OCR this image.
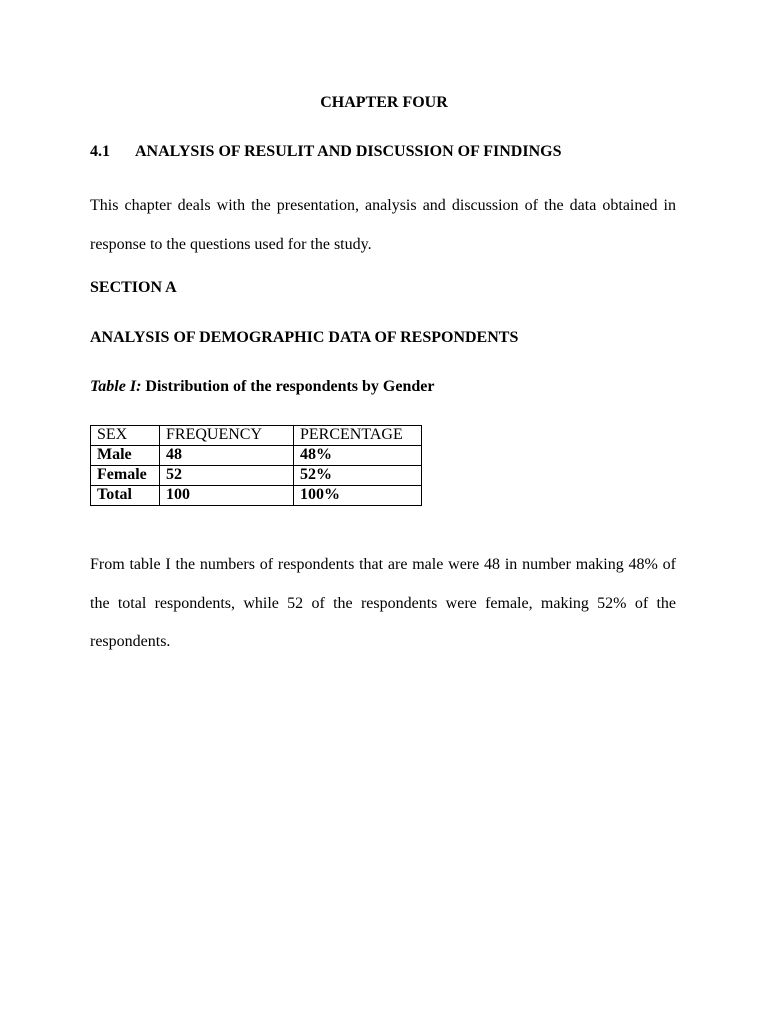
CHAPTER FOUR
4.1 ANALYSIS OF RESULIT AND DISCUSSION OF FINDINGS

This chapter deals with the presentation, analysis and discussion of the data obtained in response to the questions used for the study.

SECTION A
ANALYSIS OF DEMOGRAPHIC DATA OF RESPONDENTS
Table I: Distribution of the respondents by Gender
SEX	FREQUENCY	PERCENTAGE
Male	48	48%
Female	52	52%
Total	100	100%

From table I the numbers of respondents that are male were 48 in number making 48% of the total respondents, while 52 of the respondents were female, making 52% of the respondents.
